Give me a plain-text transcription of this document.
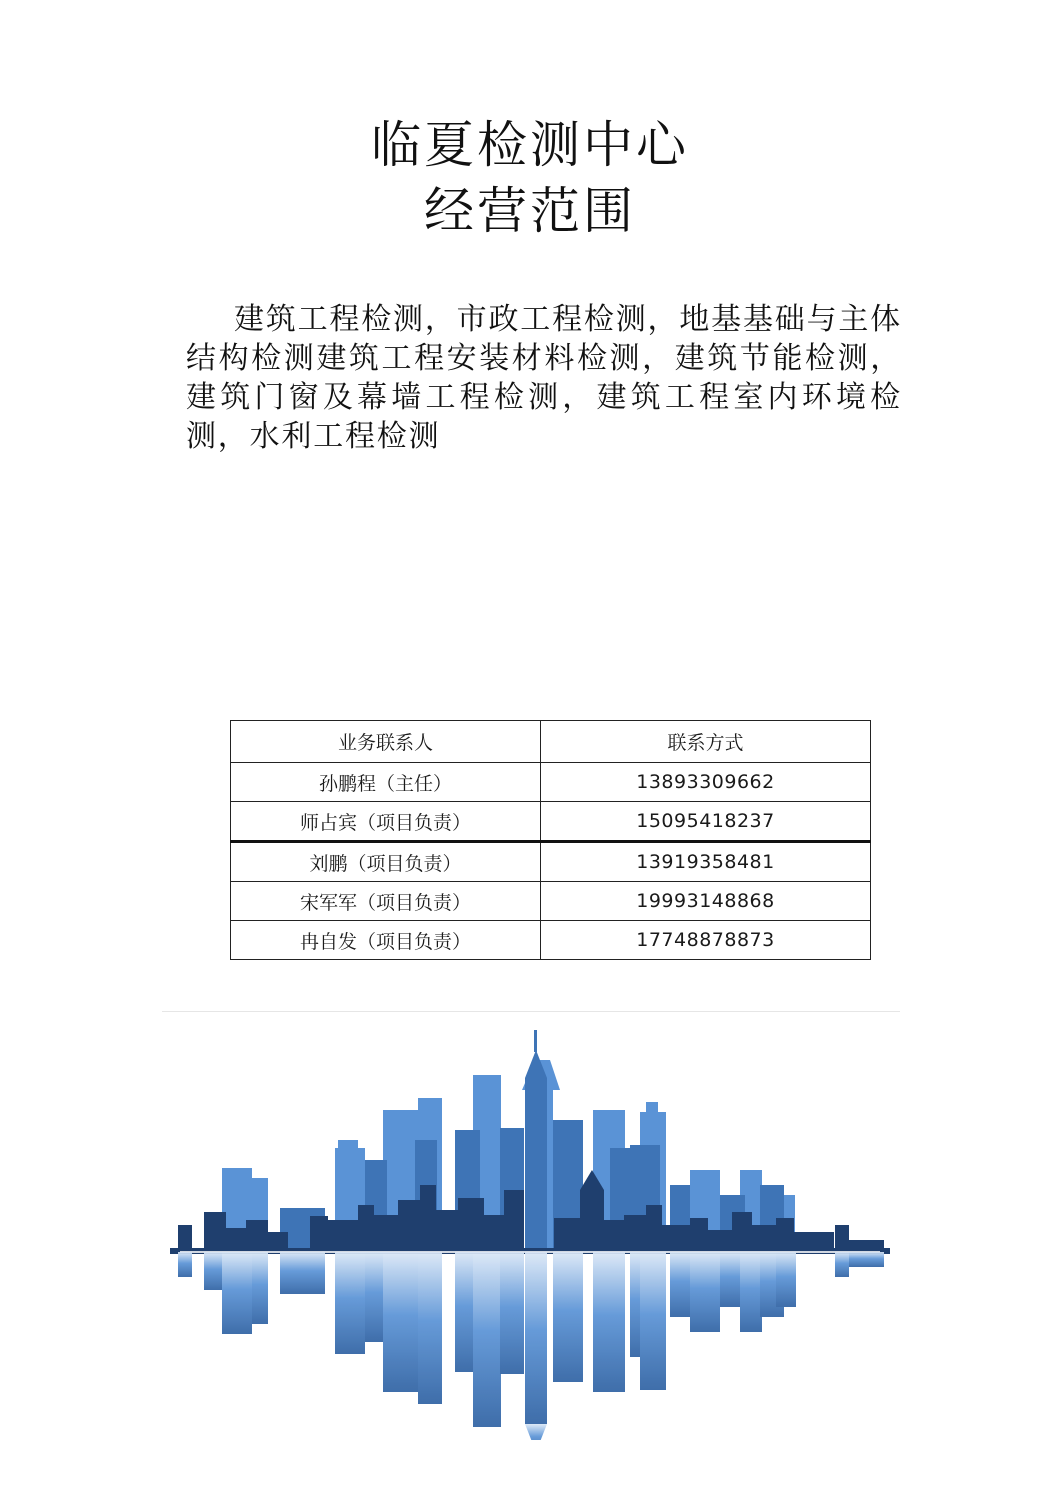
临夏检测中心
经营范围

建筑工程检测，市政工程检测，地基基础与主体结构检测建筑工程安装材料检测，建筑节能检测，建筑门窗及幕墙工程检测，建筑工程室内环境检测，水利工程检测

业务联系人	联系方式
孙鹏程（主任）	13893309662
师占宾（项目负责）	15095418237
刘鹏（项目负责）	13919358481
宋军军（项目负责）	19993148868
冉自发（项目负责）	17748878873
